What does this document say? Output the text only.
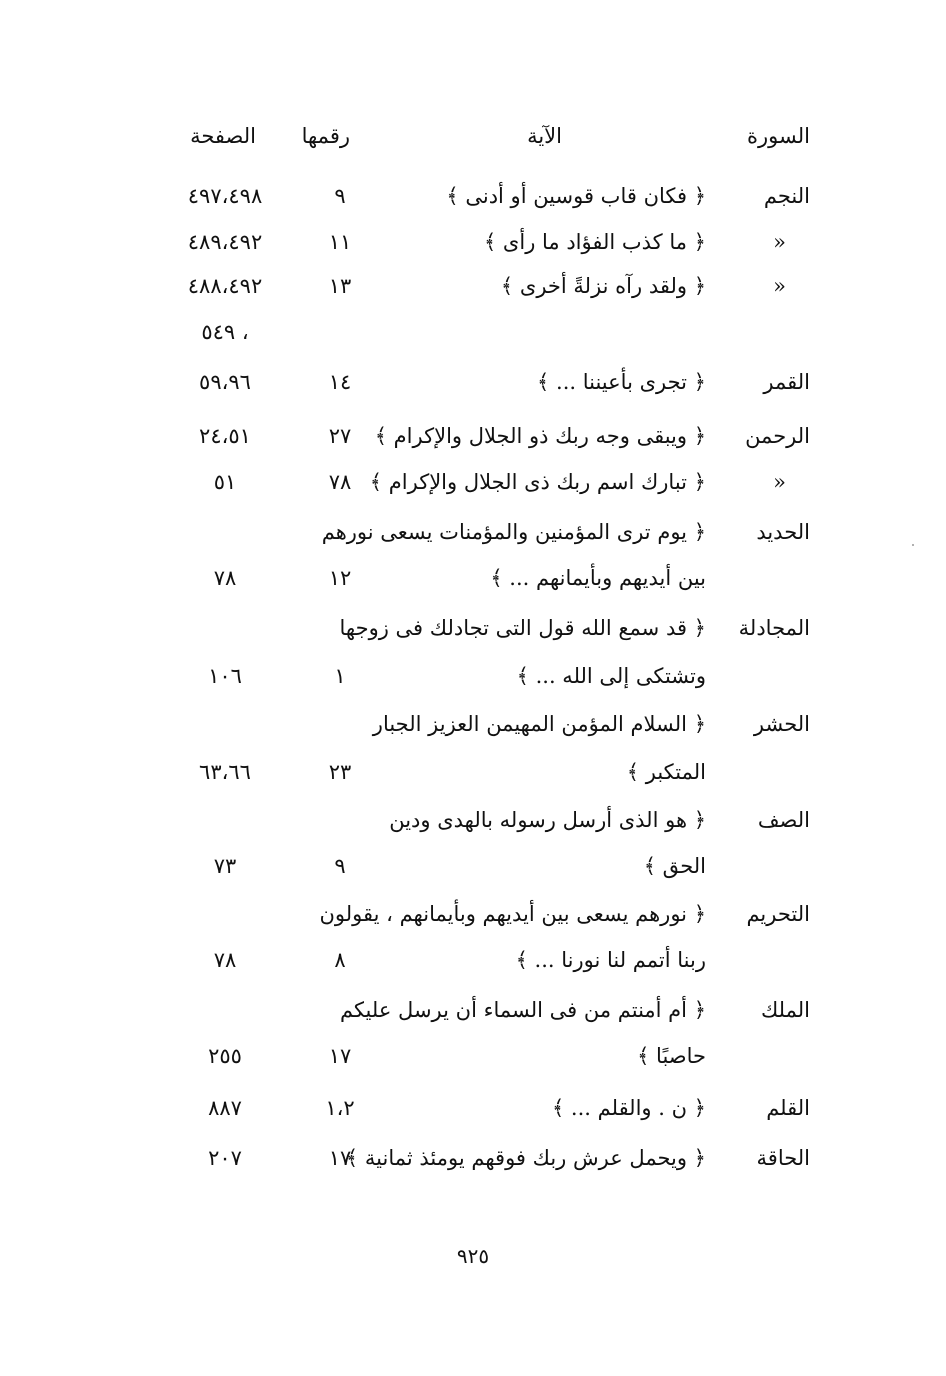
السورة
الآية
رقمها
الصفحة
النجم
﴿ فكان قاب قوسين أو أدنى ﴾
٩
٤٩٧،٤٩٨
«
﴿ ما كذب الفؤاد ما رأى ﴾
١١
٤٨٩،٤٩٢
«
﴿ ولقد رآه نزلةً أخرى ﴾
١٣
٤٨٨،٤٩٢
، ٥٤٩
القمر
﴿ تجرى بأعيننا ... ﴾
١٤
٥٩،٩٦
الرحمن
﴿ ويبقى وجه ربك ذو الجلال والإكرام ﴾
٢٧
٢٤،٥١
«
﴿ تبارك اسم ربك ذى الجلال والإكرام ﴾
٧٨
٥١
الحديد
﴿ يوم ترى المؤمنين والمؤمنات يسعى نورهم
بين أيديهم وبأيمانهم ... ﴾
١٢
٧٨
المجادلة
﴿ قد سمع الله قول التى تجادلك فى زوجها
وتشتكى إلى الله ... ﴾
١
١٠٦
الحشر
﴿ السلام المؤمن المهيمن العزيز الجبار
المتكبر ﴾
٢٣
٦٣،٦٦
الصف
﴿ هو الذى أرسل رسوله بالهدى ودين
الحق ﴾
٩
٧٣
التحريم
﴿ نورهم يسعى بين أيديهم وبأيمانهم ، يقولون
ربنا أتمم لنا نورنا ... ﴾
٨
٧٨
الملك
﴿ أم أمنتم من فى السماء أن يرسل عليكم
حاصبًا ﴾
١٧
٢٥٥
القلم
﴿ ن . والقلم ... ﴾
١،٢
٨٨٧
الحاقة
﴿ ويحمل عرش ربك فوقهم يومئذ ثمانية ﴾
١٧
٢٠٧
٩٢٥
